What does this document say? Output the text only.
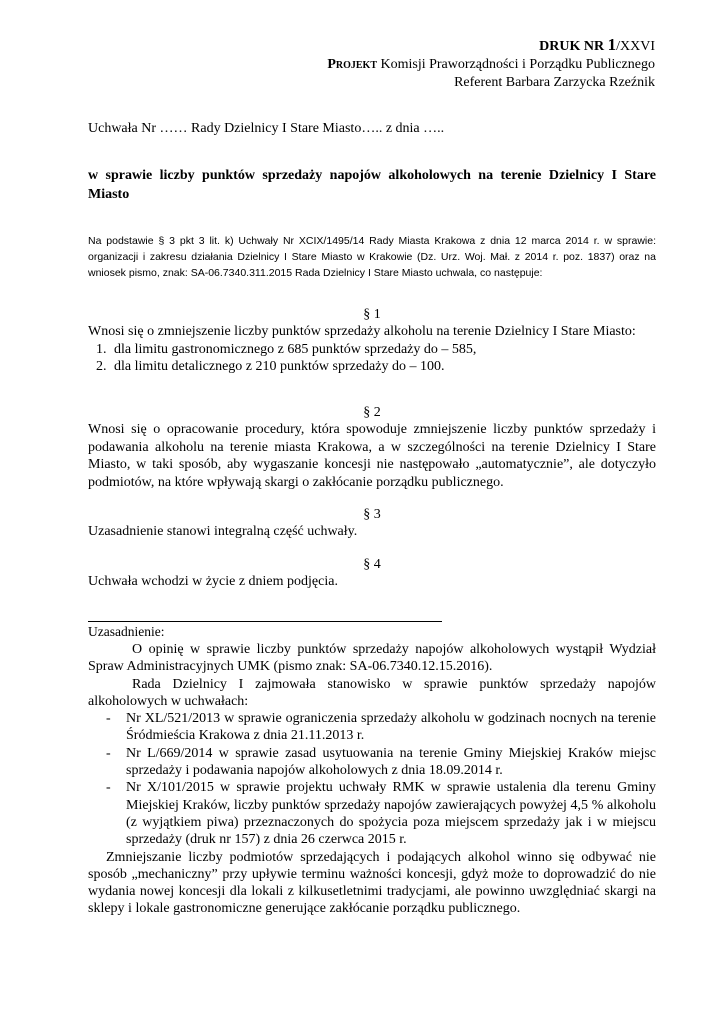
DRUK NR 1/XXVI
Projekt Komisji Praworządności i Porządku Publicznego
Referent Barbara Zarzycka Rzeźnik
Uchwała Nr …… Rady Dzielnicy I Stare Miasto….. z dnia …..
w sprawie liczby punktów sprzedaży napojów alkoholowych na terenie Dzielnicy I Stare Miasto
Na podstawie § 3 pkt 3 lit. k) Uchwały Nr XCIX/1495/14 Rady Miasta Krakowa z dnia 12 marca 2014 r. w sprawie: organizacji i zakresu działania Dzielnicy I Stare Miasto w Krakowie (Dz. Urz. Woj. Mał. z 2014 r. poz. 1837) oraz na wniosek pismo, znak: SA-06.7340.311.2015 Rada Dzielnicy I Stare Miasto uchwala, co następuje:
§ 1
Wnosi się o zmniejszenie liczby punktów sprzedaży alkoholu na terenie Dzielnicy I Stare Miasto:
1. dla limitu gastronomicznego z 685 punktów sprzedaży do – 585,
2. dla limitu detalicznego z 210 punktów sprzedaży do – 100.
§ 2
Wnosi się o opracowanie procedury, która spowoduje zmniejszenie liczby punktów sprzedaży i podawania alkoholu na terenie miasta Krakowa, a w szczególności na terenie Dzielnicy I Stare Miasto, w taki sposób, aby wygaszanie koncesji nie następowało „automatycznie”, ale dotyczyło podmiotów, na które wpływają skargi o zakłócanie porządku publicznego.
§ 3
Uzasadnienie stanowi integralną część uchwały.
§ 4
Uchwała wchodzi w życie z dniem podjęcia.
Uzasadnienie:
O opinię w sprawie liczby punktów sprzedaży napojów alkoholowych wystąpił Wydział Spraw Administracyjnych UMK (pismo znak: SA-06.7340.12.15.2016).
Rada Dzielnicy I zajmowała stanowisko w sprawie punktów sprzedaży napojów alkoholowych w uchwałach:
- Nr XL/521/2013 w sprawie ograniczenia sprzedaży alkoholu w godzinach nocnych na terenie Śródmieścia Krakowa z dnia 21.11.2013 r.
- Nr L/669/2014 w sprawie zasad usytuowania na terenie Gminy Miejskiej Kraków miejsc sprzedaży i podawania napojów alkoholowych z dnia 18.09.2014 r.
- Nr X/101/2015 w sprawie projektu uchwały RMK w sprawie ustalenia dla terenu Gminy Miejskiej Kraków, liczby punktów sprzedaży napojów zawierających powyżej 4,5 % alkoholu (z wyjątkiem piwa) przeznaczonych do spożycia poza miejscem sprzedaży jak i w miejscu sprzedaży (druk nr 157) z dnia 26 czerwca 2015 r.
Zmniejszanie liczby podmiotów sprzedających i podających alkohol winno się odbywać nie sposób „mechaniczny” przy upływie terminu ważności koncesji, gdyż może to doprowadzić do nie wydania nowej koncesji dla lokali z kilkusetletnimi tradycjami, ale powinno uwzględniać skargi na sklepy i lokale gastronomiczne generujące zakłócanie porządku publicznego.
